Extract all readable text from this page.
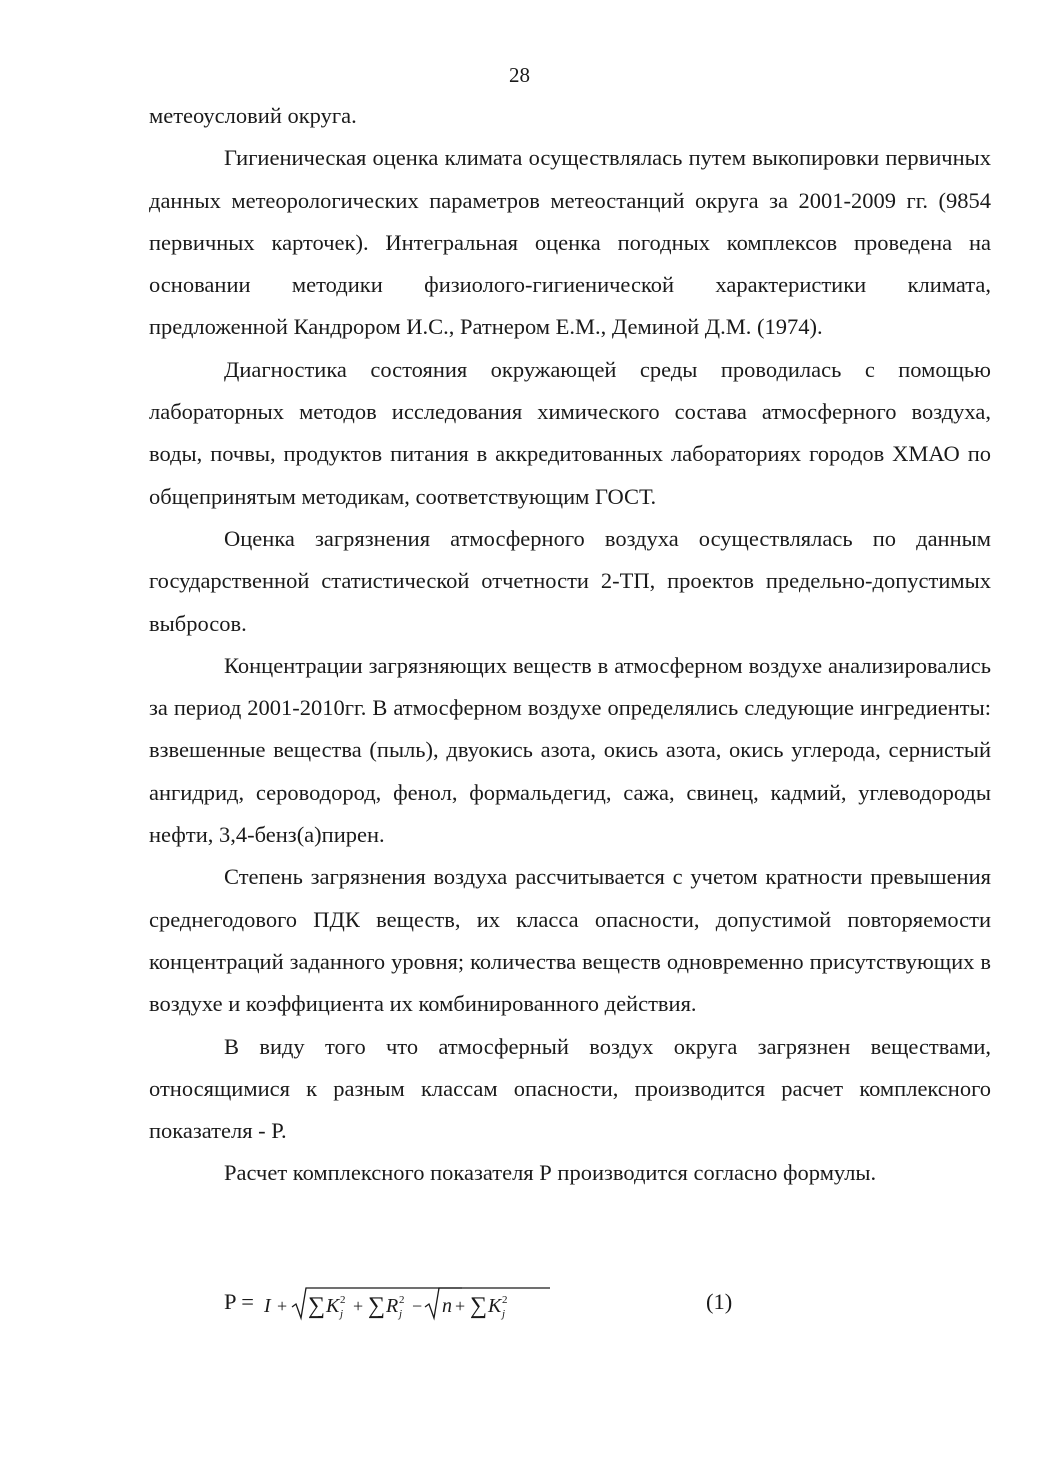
28

метеоусловий округа.

Гигиеническая оценка климата осуществлялась путем выкопировки первичных данных метеорологических параметров метеостанций округа за 2001-2009 гг. (9854 первичных карточек). Интегральная оценка погодных комплексов проведена на основании методики физиолого-гигиенической характеристики климата, предложенной Кандрором И.С., Ратнером Е.М., Деминой Д.М. (1974).

Диагностика состояния окружающей среды проводилась с помощью лабораторных методов исследования химического состава атмосферного воздуха, воды, почвы, продуктов питания в аккредитованных лабораториях городов ХМАО по общепринятым методикам, соответствующим ГОСТ.

Оценка загрязнения атмосферного воздуха осуществлялась по данным государственной статистической отчетности 2-ТП, проектов предельно-допустимых выбросов.

Концентрации загрязняющих веществ в атмосферном воздухе анализировались за период 2001-2010гг. В атмосферном воздухе определялись следующие ингредиенты: взвешенные вещества (пыль), двуокись азота, окись азота, окись углерода, сернистый ангидрид, сероводород, фенол, формальдегид, сажа, свинец, кадмий, углеводороды нефти, 3,4-бенз(а)пирен.

Степень загрязнения воздуха рассчитывается с учетом кратности превышения среднегодового ПДК веществ, их класса опасности, допустимой повторяемости концентраций заданного уровня; количества веществ одновременно присутствующих в воздухе и коэффициента их комбинированного действия.

В виду того что атмосферный воздух округа загрязнен веществами, относящимися к разным классам опасности, производится расчет комплексного показателя - Р.

Расчет комплексного показателя Р производится согласно формулы.

P = I + ∑ K 2
j + ∑ R 2
j − n + ∑ K 2
j	(1)
